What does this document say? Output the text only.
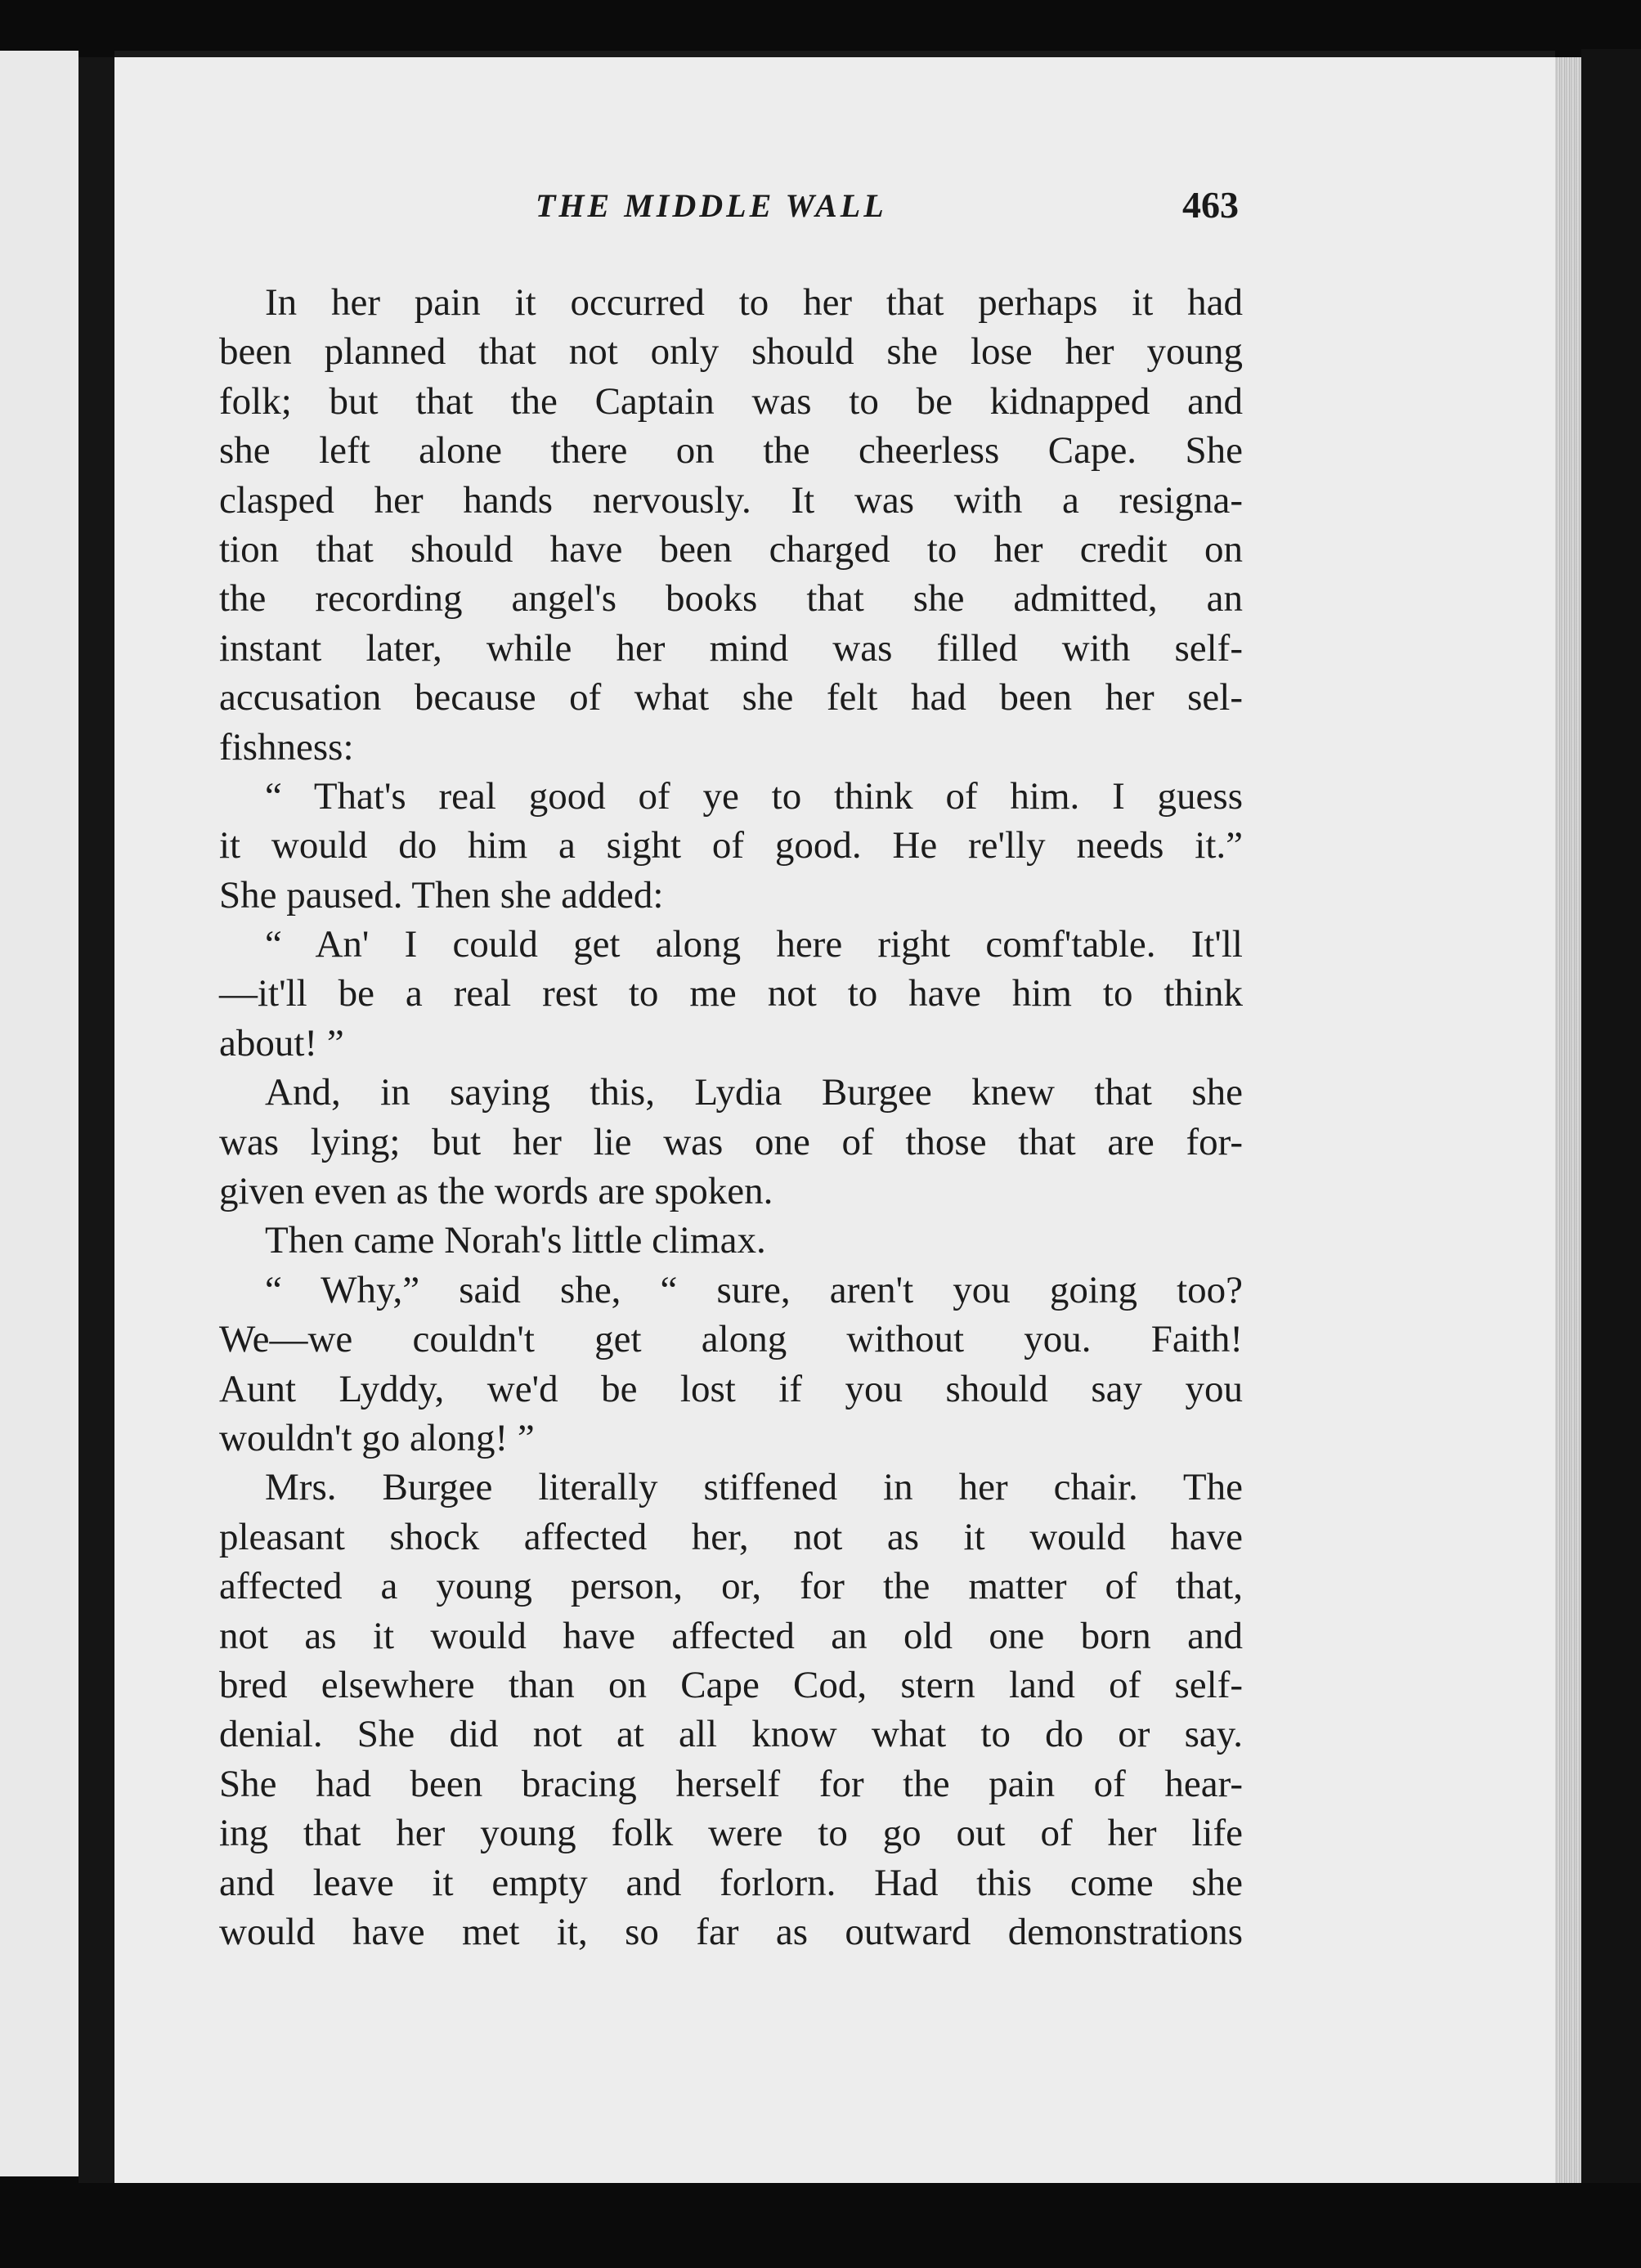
THE MIDDLE WALL	463
In her pain it occurred to her that perhaps it had
been planned that not only should she lose her young
folk; but that the Captain was to be kidnapped and
she left alone there on the cheerless Cape. She
clasped her hands nervously. It was with a resigna-
tion that should have been charged to her credit on
the recording angel's books that she admitted, an
instant later, while her mind was filled with self-
accusation because of what she felt had been her sel-
fishness:
“ That's real good of ye to think of him. I guess
it would do him a sight of good. He re'lly needs it.”
She paused. Then she added:
“ An' I could get along here right comf'table. It'll
—it'll be a real rest to me not to have him to think
about! ”
And, in saying this, Lydia Burgee knew that she
was lying; but her lie was one of those that are for-
given even as the words are spoken.
Then came Norah's little climax.
“ Why,” said she, “ sure, aren't you going too?
We—we couldn't get along without you. Faith!
Aunt Lyddy, we'd be lost if you should say you
wouldn't go along! ”
Mrs. Burgee literally stiffened in her chair. The
pleasant shock affected her, not as it would have
affected a young person, or, for the matter of that,
not as it would have affected an old one born and
bred elsewhere than on Cape Cod, stern land of self-
denial. She did not at all know what to do or say.
She had been bracing herself for the pain of hear-
ing that her young folk were to go out of her life
and leave it empty and forlorn. Had this come she
would have met it, so far as outward demonstrations
